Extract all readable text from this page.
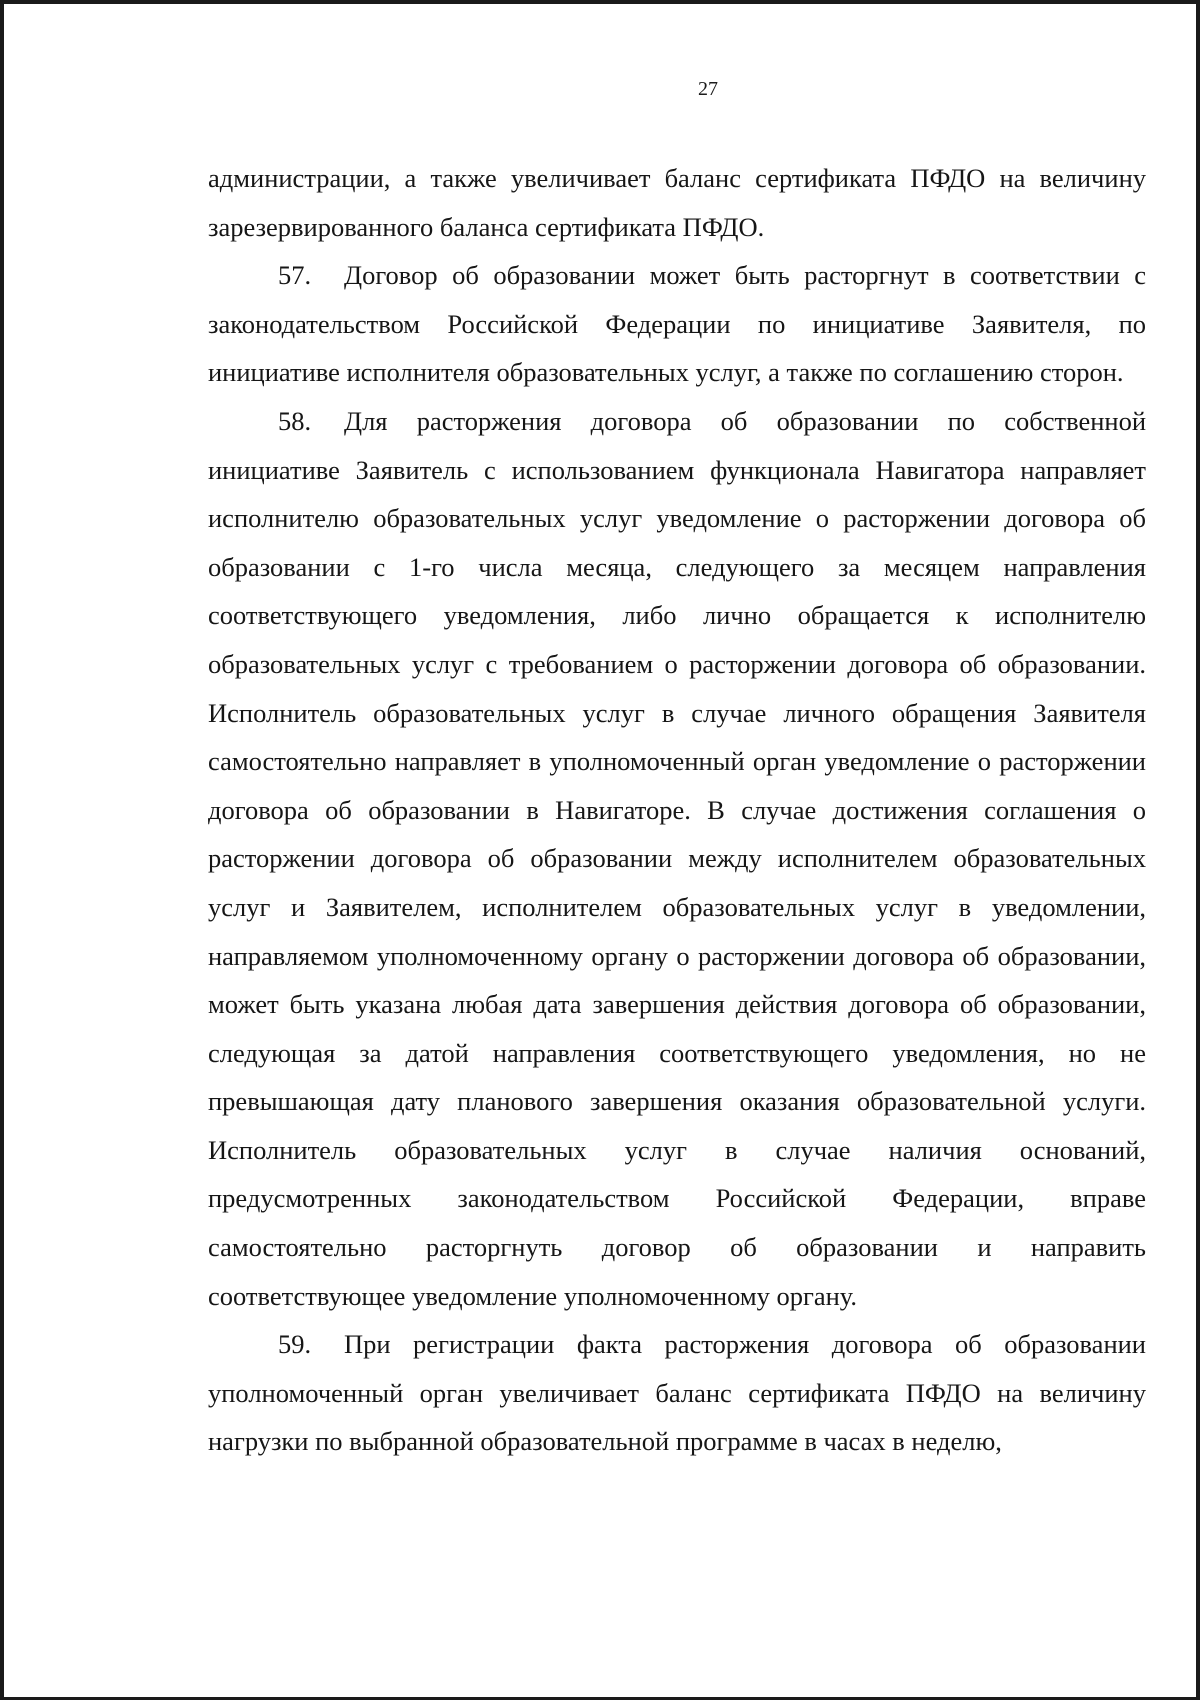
27

администрации, а также увеличивает баланс сертификата ПФДО на величину зарезервированного баланса сертификата ПФДО.

57. Договор об образовании может быть расторгнут в соответствии с законодательством Российской Федерации по инициативе Заявителя, по инициативе исполнителя образовательных услуг, а также по соглашению сторон.

58. Для расторжения договора об образовании по собственной инициативе Заявитель с использованием функционала Навигатора направляет исполнителю образовательных услуг уведомление о расторжении договора об образовании с 1-го числа месяца, следующего за месяцем направления соответствующего уведомления, либо лично обращается к исполнителю образовательных услуг с требованием о расторжении договора об образовании. Исполнитель образовательных услуг в случае личного обращения Заявителя самостоятельно направляет в уполномоченный орган уведомление о расторжении договора об образовании в Навигаторе. В случае достижения соглашения о расторжении договора об образовании между исполнителем образовательных услуг и Заявителем, исполнителем образовательных услуг в уведомлении, направляемом уполномоченному органу о расторжении договора об образовании, может быть указана любая дата завершения действия договора об образовании, следующая за датой направления соответствующего уведомления, но не превышающая дату планового завершения оказания образовательной услуги. Исполнитель образовательных услуг в случае наличия оснований, предусмотренных законодательством Российской Федерации, вправе самостоятельно расторгнуть договор об образовании и направить соответствующее уведомление уполномоченному органу.

59. При регистрации факта расторжения договора об образовании уполномоченный орган увеличивает баланс сертификата ПФДО на величину нагрузки по выбранной образовательной программе в часах в неделю,
